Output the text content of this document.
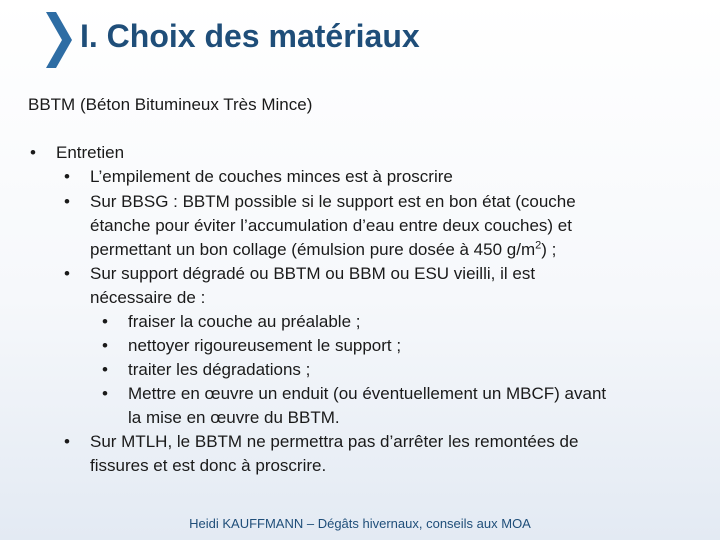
I. Choix des matériaux
BBTM (Béton Bitumineux Très Mince)
• Entretien
• L’empilement de couches minces est à proscrire
• Sur BBSG : BBTM possible si le support est en bon état (couche
étanche pour éviter l’accumulation d’eau entre deux couches) et
permettant un bon collage (émulsion pure dosée à 450 $g/m^2$) ;
• Sur support dégradé ou BBTM ou BBM ou ESU vieilli, il est
nécessaire de :
• fraiser la couche au préalable ;
• nettoyer rigoureusement le support ;
• traiter les dégradations ;
• Mettre en œuvre un enduit (ou éventuellement un MBCF) avant
la mise en œuvre du BBTM.
• Sur MTLH, le BBTM ne permettra pas d’arrêter les remontées de
fissures et est donc à proscrire.
Heidi KAUFFMANN – Dégâts hivernaux, conseils aux MOA
